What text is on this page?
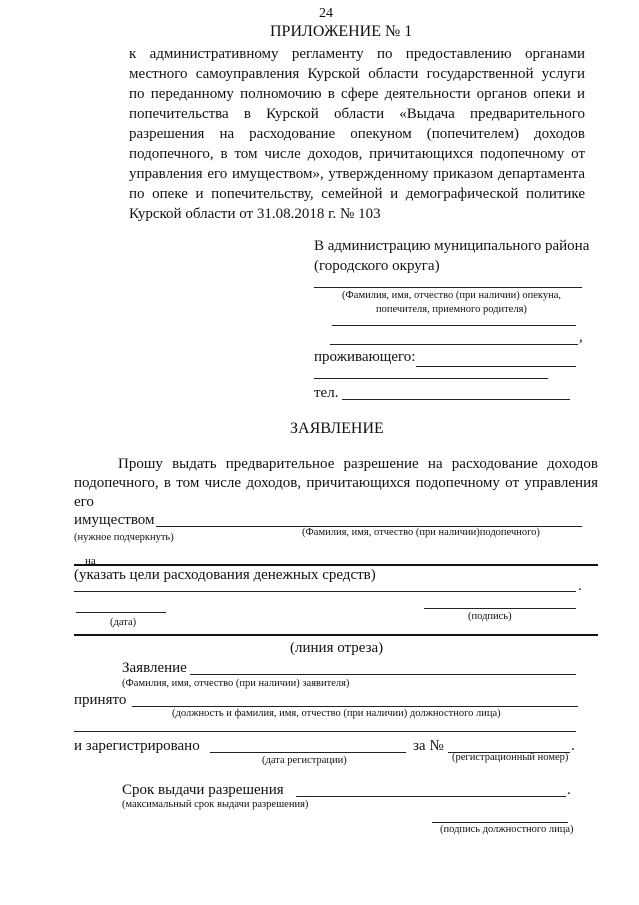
24
ПРИЛОЖЕНИЕ № 1
к административному регламенту по предоставлению органами
местного самоуправления Курской области государственной услуги
по переданному полномочию в сфере деятельности органов опеки и
попечительства в Курской области «Выдача предварительного
разрешения на расходование опекуном (попечителем) доходов
подопечного, в том числе доходов, причитающихся подопечному от
управления его имуществом», утвержденному приказом департамента
по опеке и попечительству, семейной и демографической политике
Курской области от 31.08.2018 г. № 103
В администрацию муниципального района
(городского округа)
(Фамилия, имя, отчество (при наличии) опекуна,
попечителя, приемного родителя)
,
проживающего:
тел.
ЗАЯВЛЕНИЕ
Прошу выдать предварительное разрешение на расходование доходов
подопечного, в том числе доходов, причитающихся подопечному от управления
его
имуществом
(нужное подчеркнуть)	(Фамилия, имя, отчество (при наличии)подопечного)
на
(указать цели расходования денежных средств)
.
(дата)
(подпись)
(линия отреза)
Заявление
(Фамилия, имя, отчество (при наличии) заявителя)
принято
(должность и фамилия, имя, отчество (при наличии) должностного лица)
и зарегистрировано	за №	.
(дата регистрации)	(регистрационный номер)
Срок выдачи разрешения	.
(максимальный срок выдачи разрешения)
(подпись должностного лица)
